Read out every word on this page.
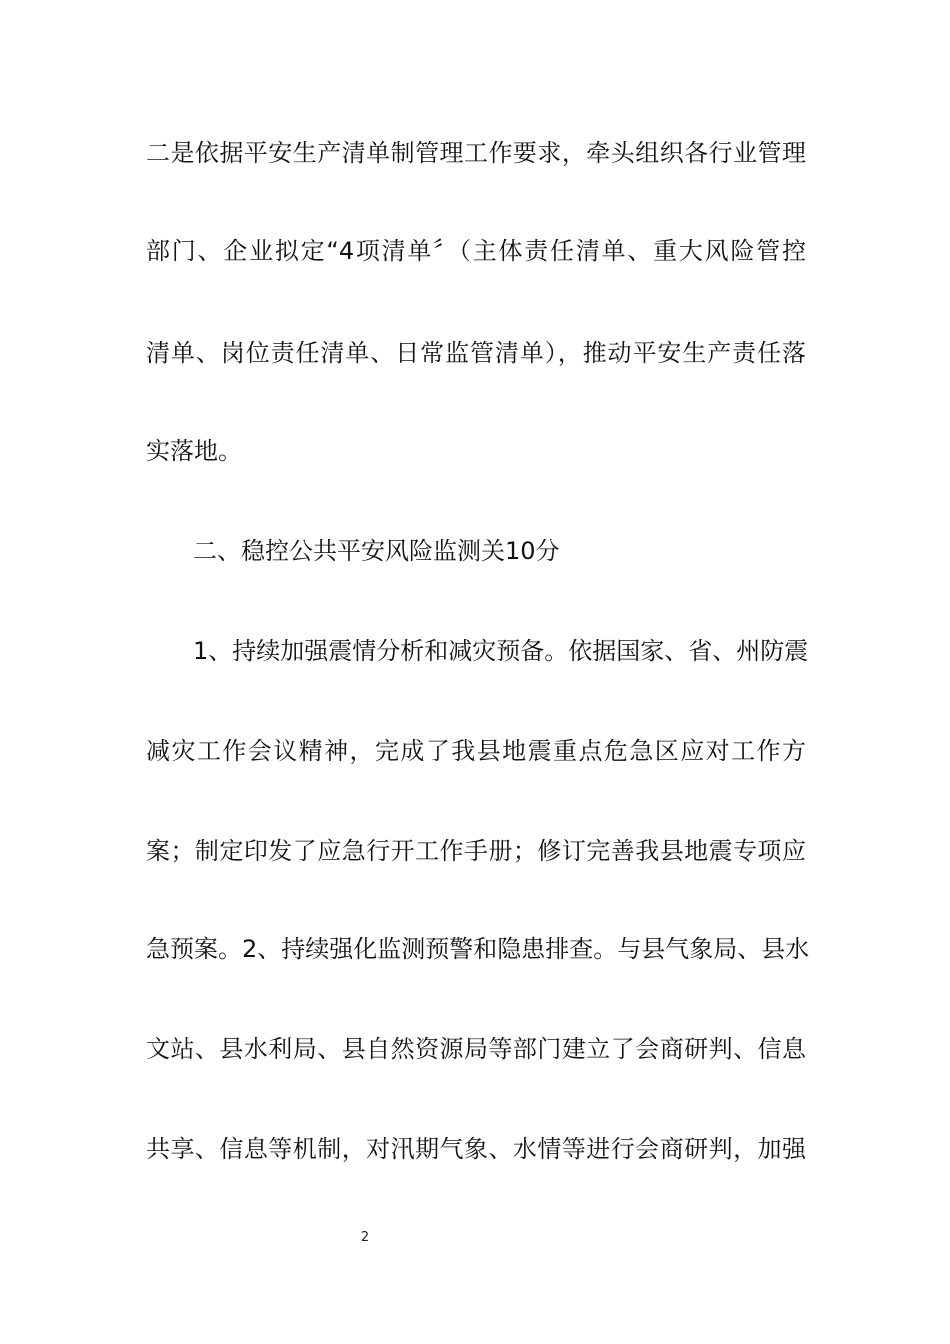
二是依据平安生产清单制管理工作要求，牵头组织各行业管理
部门、企业拟定“4项清单〞（主体责任清单、重大风险管控
清单、岗位责任清单、日常监管清单），推动平安生产责任落
实落地。
二、稳控公共平安风险监测关10分
1、持续加强震情分析和减灾预备。依据国家、省、州防震
减灾工作会议精神，完成了我县地震重点危急区应对工作方
案；制定印发了应急行开工作手册；修订完善我县地震专项应
急预案。2、持续强化监测预警和隐患排查。与县气象局、县水
文站、县水利局、县自然资源局等部门建立了会商研判、信息
共享、信息等机制，对汛期气象、水情等进行会商研判，加强
2
